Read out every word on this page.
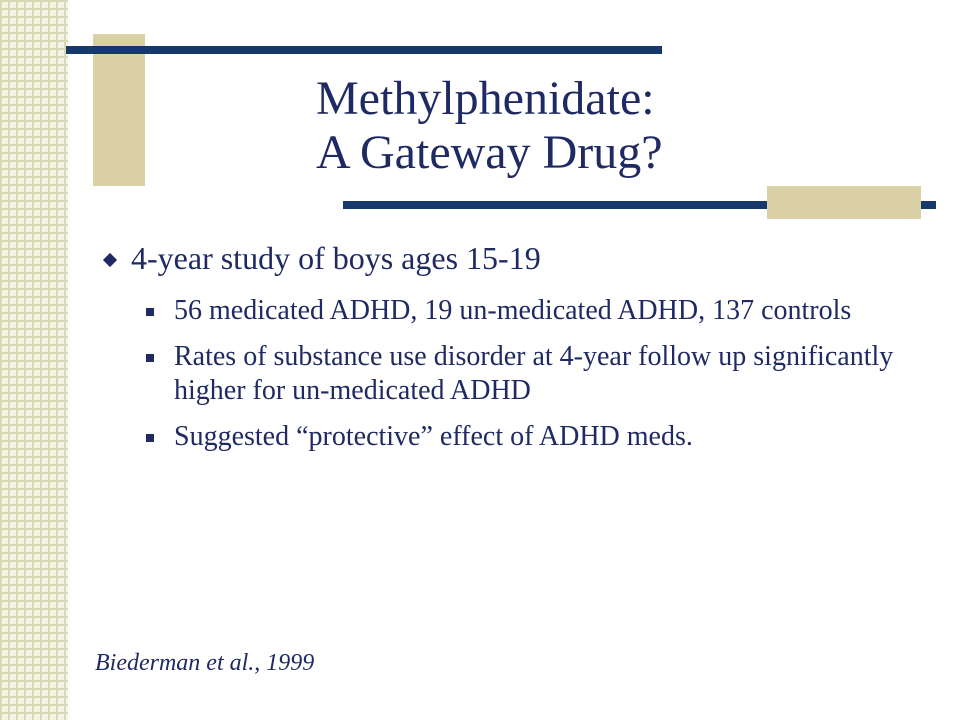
Methylphenidate:
A Gateway Drug?
4-year study of boys ages 15-19
56 medicated ADHD, 19 un-medicated ADHD, 137 controls
Rates of substance use disorder at 4-year follow up significantly higher for un-medicated ADHD
Suggested “protective” effect of ADHD meds.
Biederman et al., 1999
